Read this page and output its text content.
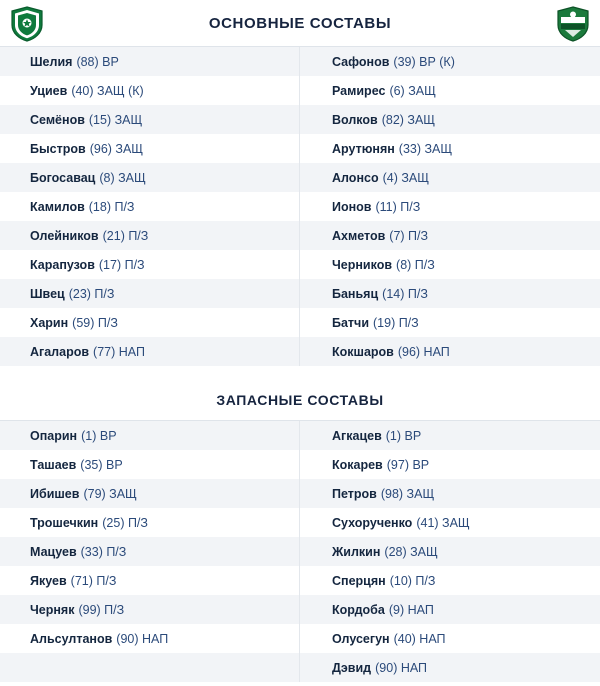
ОСНОВНЫЕ СОСТАВЫ
Шелия (88) ВР
Уциев (40) ЗАЩ (К)
Семёнов (15) ЗАЩ
Быстров (96) ЗАЩ
Богосавац (8) ЗАЩ
Камилов (18) П/З
Олейников (21) П/З
Карапузов (17) П/З
Швец (23) П/З
Харин (59) П/З
Агаларов (77) НАП
Сафонов (39) ВР (К)
Рамирес (6) ЗАЩ
Волков (82) ЗАЩ
Арутюнян (33) ЗАЩ
Алонсо (4) ЗАЩ
Ионов (11) П/З
Ахметов (7) П/З
Черников (8) П/З
Баньяц (14) П/З
Батчи (19) П/З
Кокшаров (96) НАП
ЗАПАСНЫЕ СОСТАВЫ
Опарин (1) ВР
Ташаев (35) ВР
Ибишев (79) ЗАЩ
Трошечкин (25) П/З
Мацуев (33) П/З
Якуев (71) П/З
Черняк (99) П/З
Альсултанов (90) НАП

Агкацев (1) ВР
Кокарев (97) ВР
Петров (98) ЗАЩ
Сухорученко (41) ЗАЩ
Жилкин (28) ЗАЩ
Сперцян (10) П/З
Кордоба (9) НАП
Олусегун (40) НАП
Дэвид (90) НАП
